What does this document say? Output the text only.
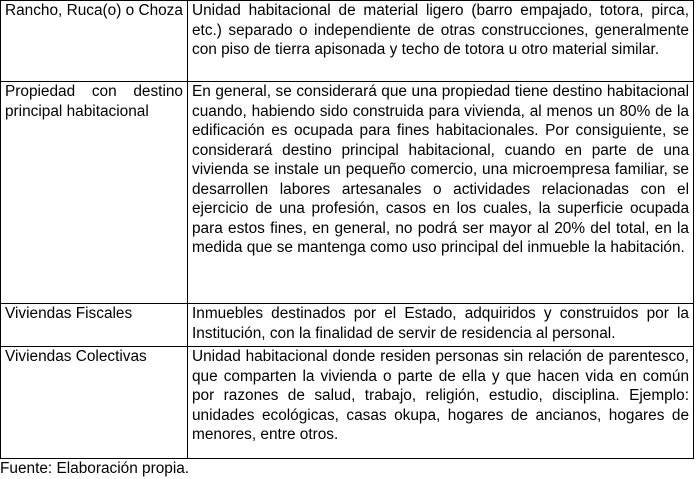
Rancho, Ruca(o) o Choza	Unidad habitacional de material ligero (barro empajado, totora, pirca, etc.) separado o independiente de otras construcciones, generalmente con piso de tierra apisonada y techo de totora u otro material similar.
Propiedad con destino principal habitacional	En general, se considerará que una propiedad tiene destino habitacional cuando, habiendo sido construida para vivienda, al menos un 80% de la edificación es ocupada para fines habitacionales. Por consiguiente, se considerará destino principal habitacional, cuando en parte de una vivienda se instale un pequeño comercio, una microempresa familiar, se desarrollen labores artesanales o actividades relacionadas con el ejercicio de una profesión, casos en los cuales, la superficie ocupada para estos fines, en general, no podrá ser mayor al 20% del total, en la medida que se mantenga como uso principal del inmueble la habitación.
Viviendas Fiscales	Inmuebles destinados por el Estado, adquiridos y construidos por la Institución, con la finalidad de servir de residencia al personal.
Viviendas Colectivas	Unidad habitacional donde residen personas sin relación de parentesco, que comparten la vivienda o parte de ella y que hacen vida en común por razones de salud, trabajo, religión, estudio, disciplina. Ejemplo: unidades ecológicas, casas okupa, hogares de ancianos, hogares de menores, entre otros.
Fuente: Elaboración propia.
